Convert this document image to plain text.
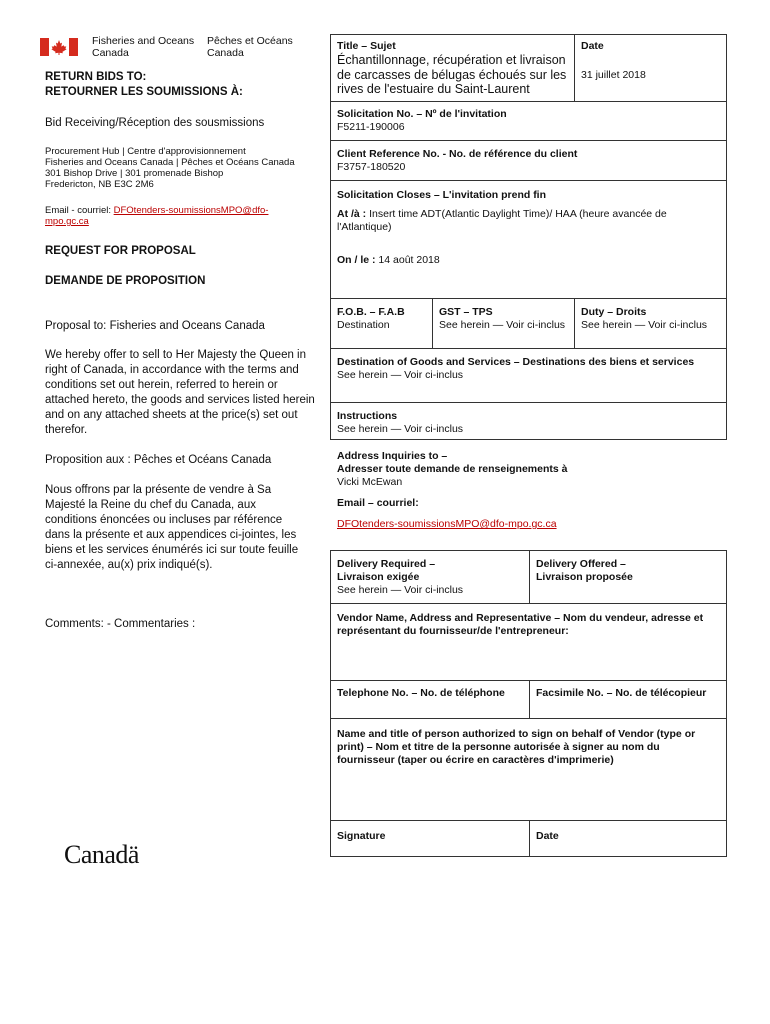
Fisheries and Oceans
Canada
Pêches et Océans
Canada
RETURN BIDS TO:
RETOURNER LES SOUMISSIONS À:
Bid Receiving/Réception des sousmissions
Procurement Hub | Centre d'approvisionnement
Fisheries and Oceans Canada | Pêches et Océans Canada
301 Bishop Drive | 301 promenade Bishop
Fredericton, NB E3C 2M6
Email - courriel: DFOtenders-soumissionsMPO@dfo-
mpo.gc.ca
REQUEST FOR PROPOSAL
DEMANDE DE PROPOSITION
Proposal to: Fisheries and Oceans Canada
We hereby offer to sell to Her Majesty the Queen in right of Canada, in accordance with the terms and conditions set out herein, referred to herein or attached hereto, the goods and services listed herein and on any attached sheets at the price(s) set out therefor.
Proposition aux : Pêches et Océans Canada
Nous offrons par la présente de vendre à Sa Majesté la Reine du chef du Canada, aux conditions énoncées ou incluses par référence dans la présente et aux appendices ci-jointes, les biens et les services énumérés ici sur toute feuille ci-annexée, au(x) prix indiqué(s).
Comments: - Commentaries :
Canadä
Title – Sujet
Échantillonnage, récupération et livraison de carcasses de bélugas échoués sur les rives de l'estuaire du Saint-Laurent
Date
31 juillet 2018
Solicitation No. – Nº de l'invitation
F5211-190006
Client Reference No. - No. de référence du client
F3757-180520
Solicitation Closes – L'invitation prend fin
At /à : Insert time ADT(Atlantic Daylight Time)/ HAA (heure avancée de l'Atlantique)
On / le : 14 août 2018
F.O.B. – F.A.B
Destination
GST – TPS
See herein — Voir ci-inclus
Duty – Droits
See herein — Voir ci-inclus
Destination of Goods and Services – Destinations des biens et services
See herein — Voir ci-inclus
Instructions
See herein — Voir ci-inclus
Address Inquiries to –
Adresser toute demande de renseignements à
Vicki McEwan
Email – courriel:
DFOtenders-soumissionsMPO@dfo-mpo.gc.ca
Delivery Required –
Livraison exigée
See herein — Voir ci-inclus
Delivery Offered –
Livraison proposée
Vendor Name, Address and Representative – Nom du vendeur, adresse et représentant du fournisseur/de l'entrepreneur:
Telephone No. – No. de téléphone	Facsimile No. – No. de télécopieur
Name and title of person authorized to sign on behalf of Vendor (type or print) – Nom et titre de la personne autorisée à signer au nom du fournisseur (taper ou écrire en caractères d'imprimerie)
Signature	Date
